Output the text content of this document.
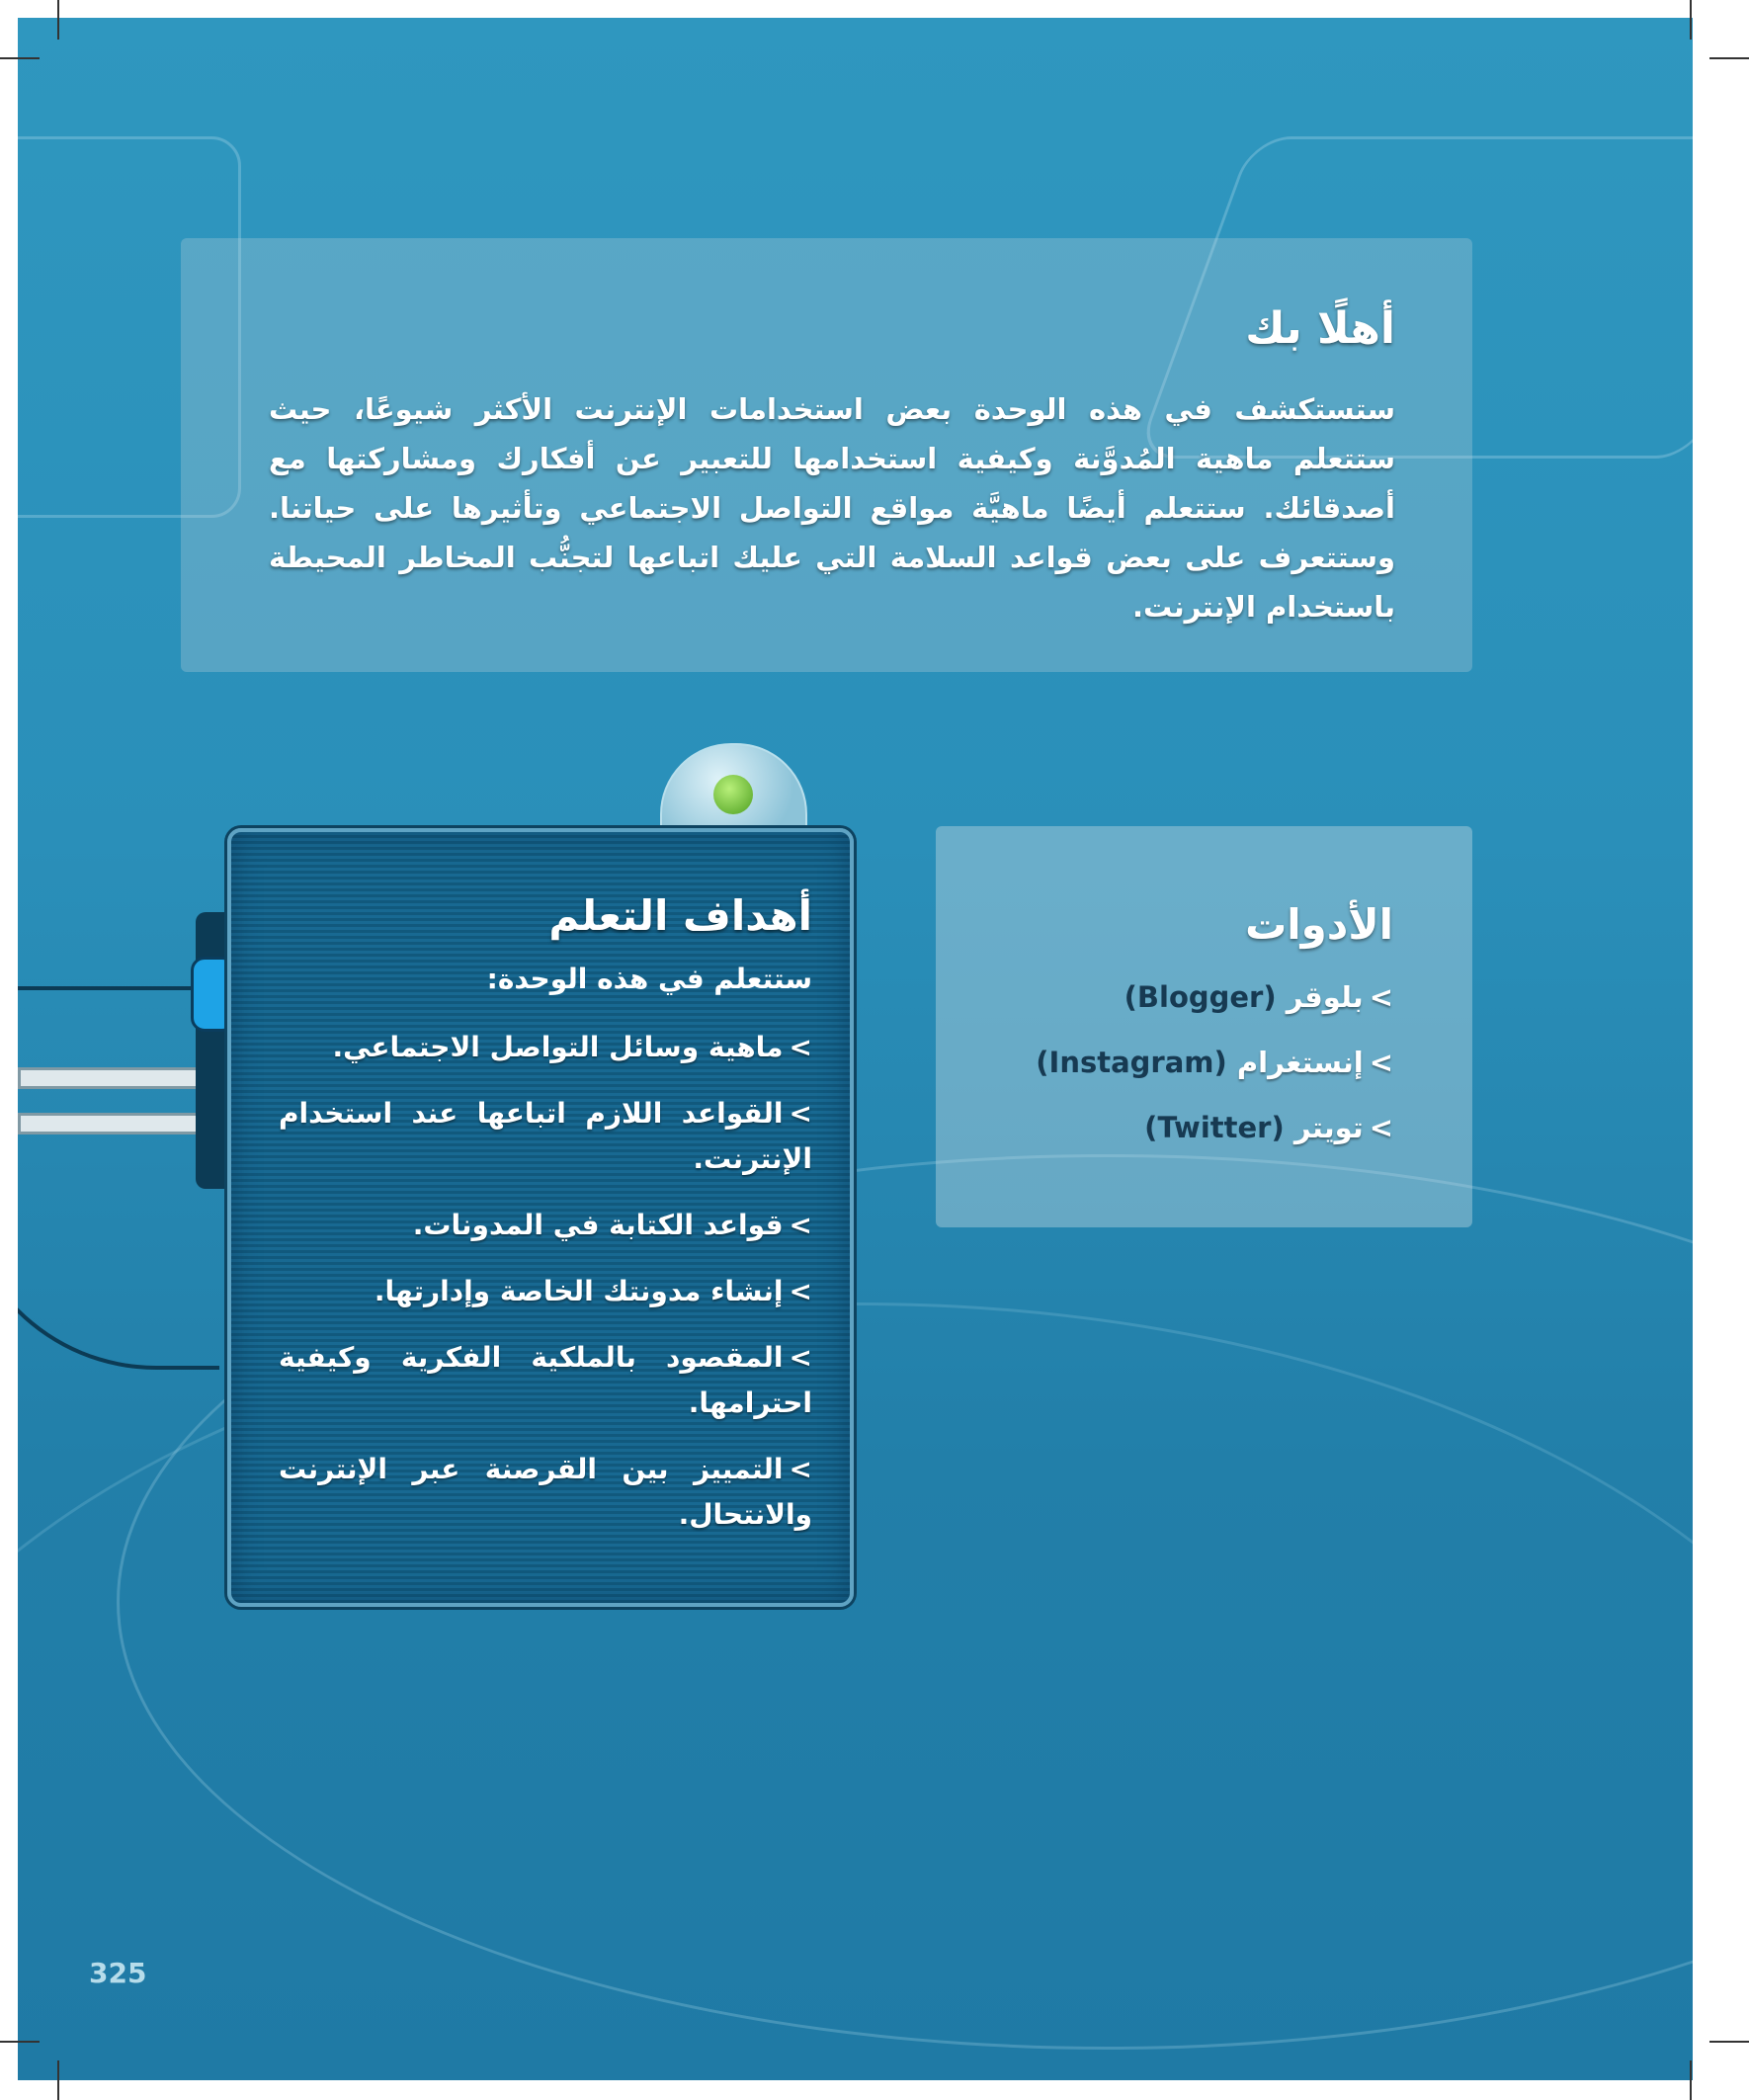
أهلًا بك

ستستكشف في هذه الوحدة بعض استخدامات الإنترنت الأكثر شيوعًا، حيث ستتعلم ماهية المُدوَّنة وكيفية استخدامها للتعبير عن أفكارك ومشاركتها مع أصدقائك. ستتعلم أيضًا ماهيَّة مواقع التواصل الاجتماعي وتأثيرها على حياتنا. وستتعرف على بعض قواعد السلامة التي عليك اتباعها لتجنُّب المخاطر المحيطة باستخدام الإنترنت.

أهداف التعلم

ستتعلم في هذه الوحدة:

>ماهية وسائل التواصل الاجتماعي.
>القواعد اللازم اتباعها عند استخدام الإنترنت.
>قواعد الكتابة في المدونات.
>إنشاء مدونتك الخاصة وإدارتها.
>المقصود بالملكية الفكرية وكيفية احترامها.
>التمييز بين القرصنة عبر الإنترنت والانتحال.
الأدوات
>بلوقر (Blogger)
>إنستغرام (Instagram)
>تويتر (Twitter)
325
